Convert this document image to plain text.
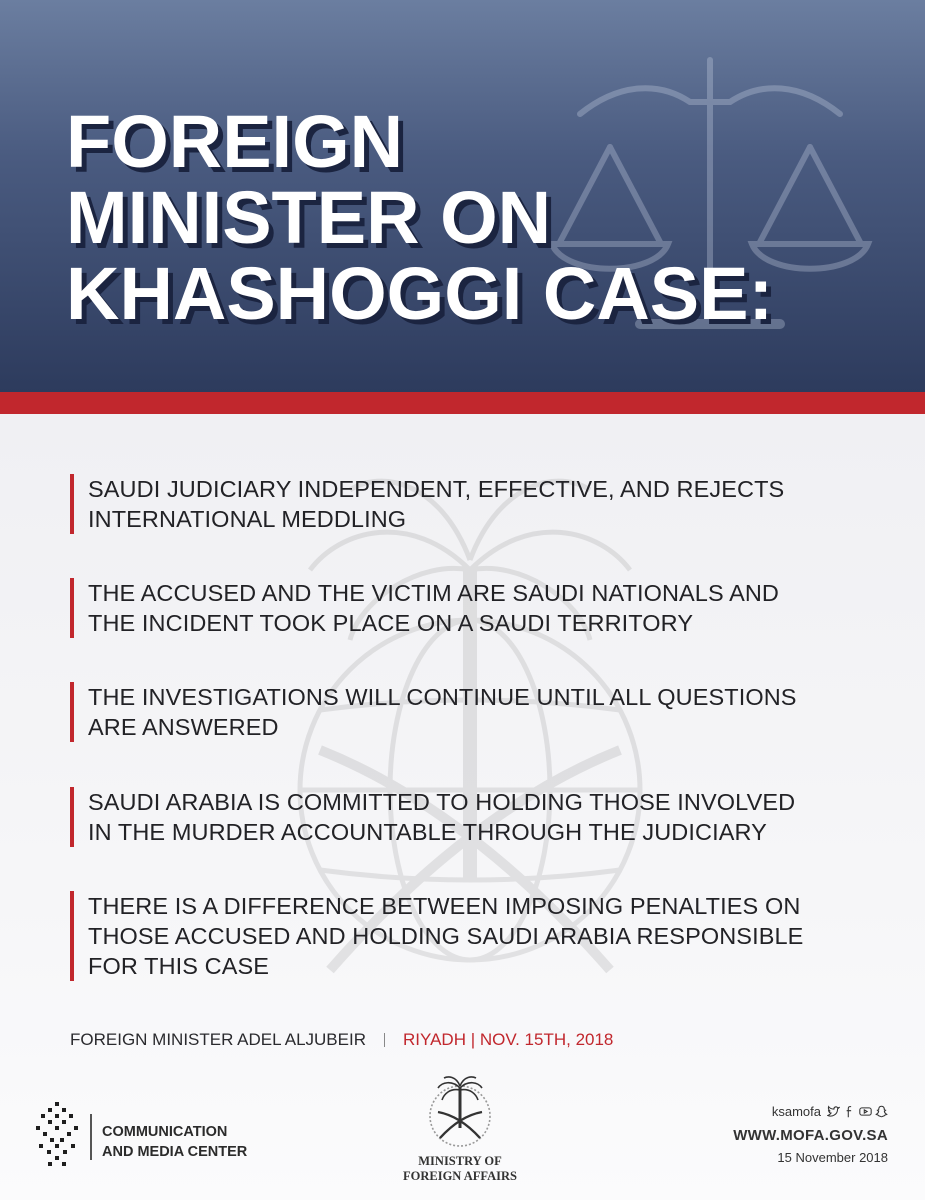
FOREIGN
MINISTER ON
KHASHOGGI CASE:
SAUDI JUDICIARY INDEPENDENT, EFFECTIVE, AND REJECTS
INTERNATIONAL MEDDLING
THE ACCUSED AND THE VICTIM ARE SAUDI NATIONALS AND
THE INCIDENT TOOK PLACE ON A SAUDI TERRITORY
THE INVESTIGATIONS WILL CONTINUE UNTIL ALL QUESTIONS
ARE ANSWERED
SAUDI ARABIA IS COMMITTED TO HOLDING THOSE INVOLVED
IN THE MURDER ACCOUNTABLE THROUGH THE JUDICIARY
THERE IS A DIFFERENCE BETWEEN IMPOSING PENALTIES ON
THOSE ACCUSED AND HOLDING SAUDI ARABIA RESPONSIBLE
FOR THIS CASE
FOREIGN MINISTER ADEL ALJUBEIR RIYADH | NOV. 15TH, 2018
COMMUNICATION
AND MEDIA CENTER
MINISTRY OF
FOREIGN AFFAIRS
ksamofa
WWW.MOFA.GOV.SA
15 November 2018
